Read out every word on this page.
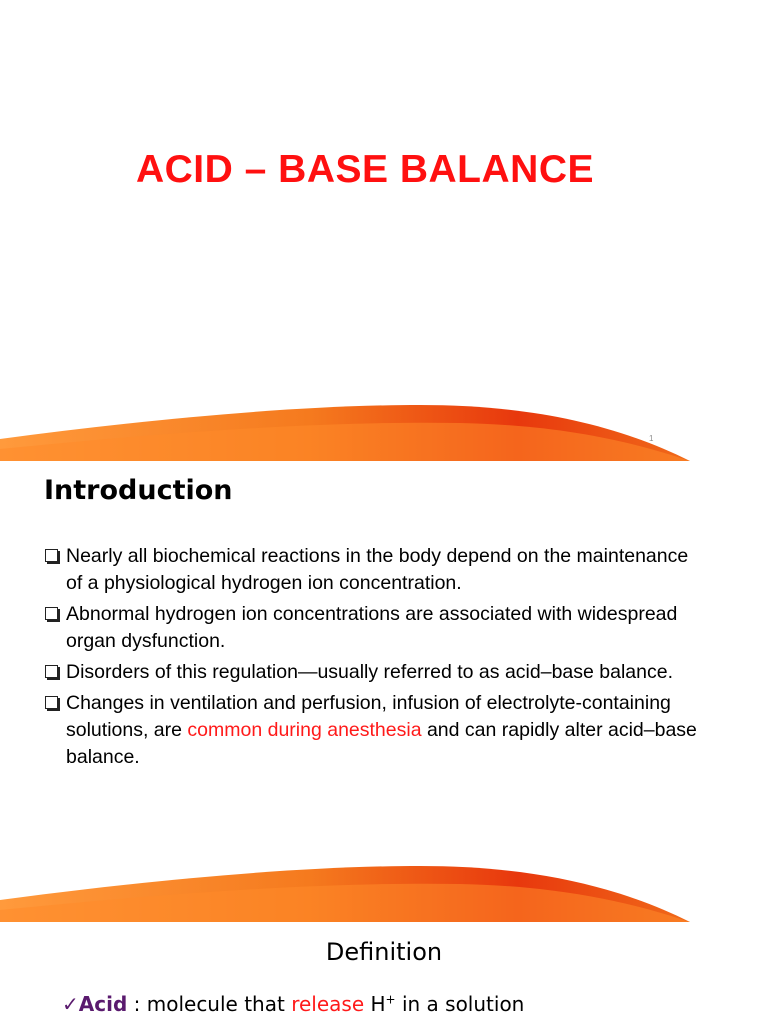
ACID – BASE BALANCE
1
Introduction
Nearly all biochemical reactions in the body depend on the maintenance of a physiological hydrogen ion concentration.
Abnormal hydrogen ion concentrations are associated with widespread organ dysfunction.
Disorders of this regulation—usually referred to as acid–base balance.
Changes in ventilation and perfusion, infusion of electrolyte-containing solutions, are common during anesthesia and can rapidly alter acid–base balance.
Definition
✓Acid : molecule that release H+ in a solution
